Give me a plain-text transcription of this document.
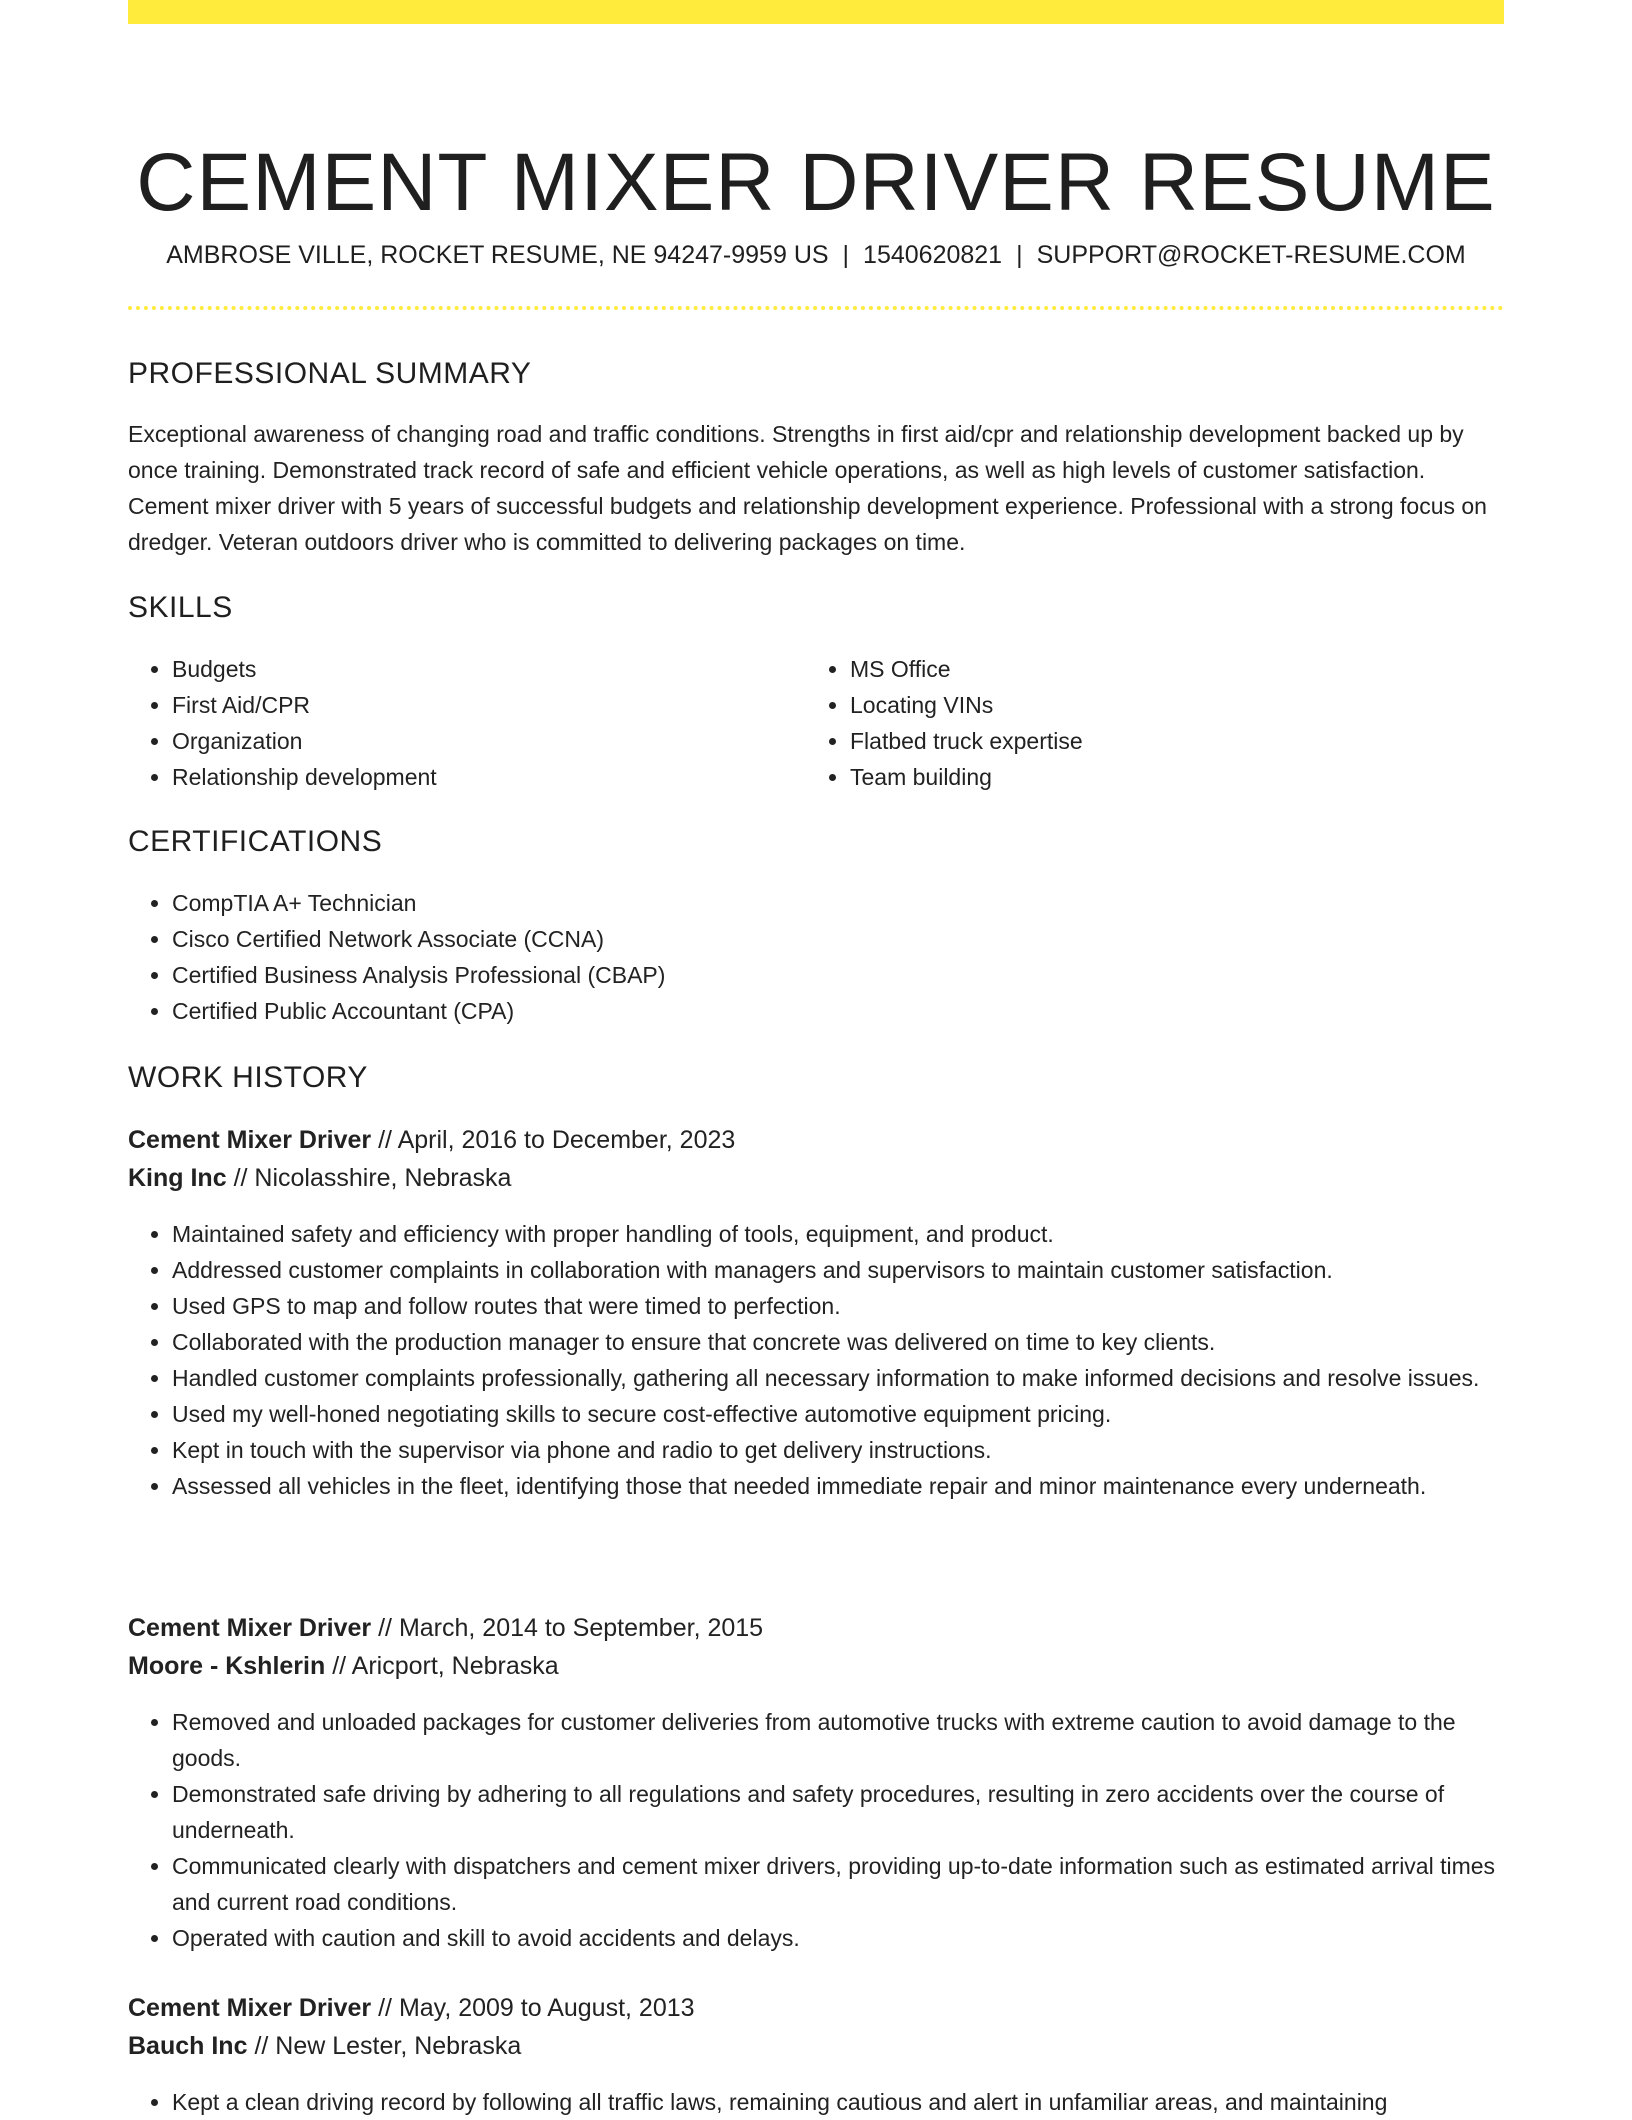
CEMENT MIXER DRIVER RESUME
AMBROSE VILLE, ROCKET RESUME, NE 94247-9959 US | 1540620821 | SUPPORT@ROCKET-RESUME.COM
PROFESSIONAL SUMMARY

Exceptional awareness of changing road and traffic conditions. Strengths in first aid/cpr and relationship development backed up by once training. Demonstrated track record of safe and efficient vehicle operations, as well as high levels of customer satisfaction. Cement mixer driver with 5 years of successful budgets and relationship development experience. Professional with a strong focus on dredger. Veteran outdoors driver who is committed to delivering packages on time.

SKILLS
• Budgets
• First Aid/CPR
• Organization
• Relationship development
• MS Office
• Locating VINs
• Flatbed truck expertise
• Team building
CERTIFICATIONS
• CompTIA A+ Technician
• Cisco Certified Network Associate (CCNA)
• Certified Business Analysis Professional (CBAP)
• Certified Public Accountant (CPA)
WORK HISTORY
Cement Mixer Driver // April, 2016 to December, 2023
King Inc // Nicolasshire, Nebraska
• Maintained safety and efficiency with proper handling of tools, equipment, and product.
• Addressed customer complaints in collaboration with managers and supervisors to maintain customer satisfaction.
• Used GPS to map and follow routes that were timed to perfection.
• Collaborated with the production manager to ensure that concrete was delivered on time to key clients.
• Handled customer complaints professionally, gathering all necessary information to make informed decisions and resolve issues.
• Used my well-honed negotiating skills to secure cost-effective automotive equipment pricing.
• Kept in touch with the supervisor via phone and radio to get delivery instructions.
• Assessed all vehicles in the fleet, identifying those that needed immediate repair and minor maintenance every underneath.
Cement Mixer Driver // March, 2014 to September, 2015
Moore - Kshlerin // Aricport, Nebraska
• Removed and unloaded packages for customer deliveries from automotive trucks with extreme caution to avoid damage to the goods.
• Demonstrated safe driving by adhering to all regulations and safety procedures, resulting in zero accidents over the course of underneath.
• Communicated clearly with dispatchers and cement mixer drivers, providing up-to-date information such as estimated arrival times and current road conditions.
• Operated with caution and skill to avoid accidents and delays.
Cement Mixer Driver // May, 2009 to August, 2013
Bauch Inc // New Lester, Nebraska
• Kept a clean driving record by following all traffic laws, remaining cautious and alert in unfamiliar areas, and maintaining
